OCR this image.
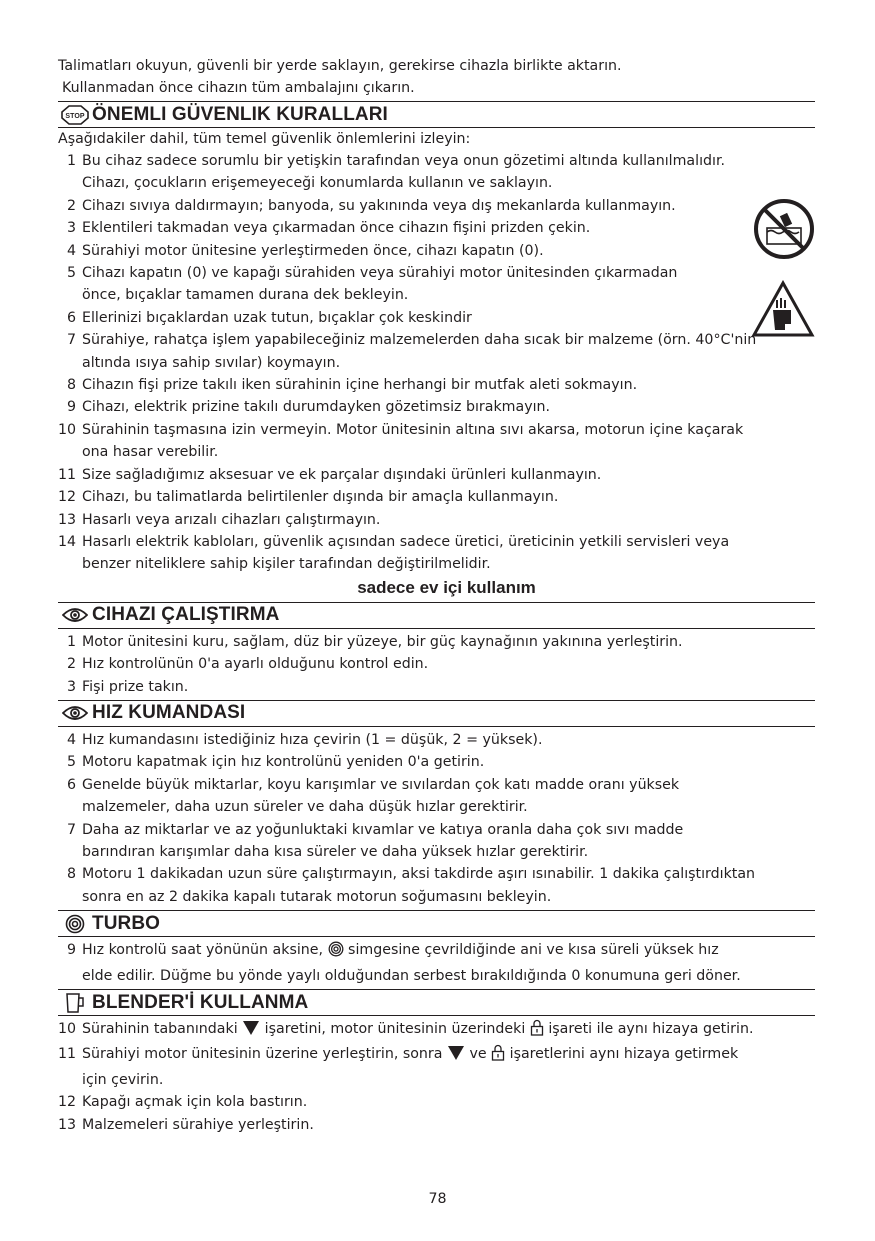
Talimatları okuyun, güvenli bir yerde saklayın, gerekirse cihazla birlikte aktarın.
Kullanmadan önce cihazın tüm ambalajını çıkarın.
STOP ÖNEMLI GÜVENLIK KURALLARI
Aşağıdakiler dahil, tüm temel güvenlik önlemlerini izleyin:
1 Bu cihaz sadece sorumlu bir yetişkin tarafından veya onun gözetimi altında kullanılmalıdır.
Cihazı, çocukların erişemeyeceği konumlarda kullanın ve saklayın.
2 Cihazı sıvıya daldırmayın; banyoda, su yakınında veya dış mekanlarda kullanmayın.
3 Eklentileri takmadan veya çıkarmadan önce cihazın fişini prizden çekin.
4 Sürahiyi motor ünitesine yerleştirmeden önce, cihazı kapatın (0).
5 Cihazı kapatın (0) ve kapağı sürahiden veya sürahiyi motor ünitesinden çıkarmadan
önce, bıçaklar tamamen durana dek bekleyin.
6 Ellerinizi bıçaklardan uzak tutun, bıçaklar çok keskindir
7 Sürahiye, rahatça işlem yapabileceğiniz malzemelerden daha sıcak bir malzeme (örn. 40°C'nin
altında ısıya sahip sıvılar) koymayın.
8 Cihazın fişi prize takılı iken sürahinin içine herhangi bir mutfak aleti sokmayın.
9 Cihazı, elektrik prizine takılı durumdayken gözetimsiz bırakmayın.
10 Sürahinin taşmasına izin vermeyin. Motor ünitesinin altına sıvı akarsa, motorun içine kaçarak
ona hasar verebilir.
11 Size sağladığımız aksesuar ve ek parçalar dışındaki ürünleri kullanmayın.
12 Cihazı, bu talimatlarda belirtilenler dışında bir amaçla kullanmayın.
13 Hasarlı veya arızalı cihazları çalıştırmayın.
14 Hasarlı elektrik kabloları, güvenlik açısından sadece üretici, üreticinin yetkili servisleri veya
benzer niteliklere sahip kişiler tarafından değiştirilmelidir.
sadece ev içi kullanım
CIHAZI ÇALIŞTIRMA
1 Motor ünitesini kuru, sağlam, düz bir yüzeye, bir güç kaynağının yakınına yerleştirin.
2 Hız kontrolünün 0'a ayarlı olduğunu kontrol edin.
3 Fişi prize takın.
HIZ KUMANDASI
4 Hız kumandasını istediğiniz hıza çevirin (1 = düşük, 2 = yüksek).
5 Motoru kapatmak için hız kontrolünü yeniden 0'a getirin.
6 Genelde büyük miktarlar, koyu karışımlar ve sıvılardan çok katı madde oranı yüksek
malzemeler, daha uzun süreler ve daha düşük hızlar gerektirir.
7 Daha az miktarlar ve az yoğunluktaki kıvamlar ve katıya oranla daha çok sıvı madde
barındıran karışımlar daha kısa süreler ve daha yüksek hızlar gerektirir.
8 Motoru 1 dakikadan uzun süre çalıştırmayın, aksi takdirde aşırı ısınabilir. 1 dakika çalıştırdıktan
sonra en az 2 dakika kapalı tutarak motorun soğumasını bekleyin.
TURBO
9 Hız kontrolü saat yönünün aksine,  simgesine çevrildiğinde ani ve kısa süreli yüksek hız
elde edilir. Düğme bu yönde yaylı olduğundan serbest bırakıldığında 0 konumuna geri döner.
BLENDER'İ KULLANMA
10 Sürahinin tabanındaki  işaretini, motor ünitesinin üzerindeki  işareti ile aynı hizaya getirin.
11 Sürahiyi motor ünitesinin üzerine yerleştirin, sonra  ve  işaretlerini aynı hizaya getirmek
için çevirin.
12 Kapağı açmak için kola bastırın.
13 Malzemeleri sürahiye yerleştirin.
78
